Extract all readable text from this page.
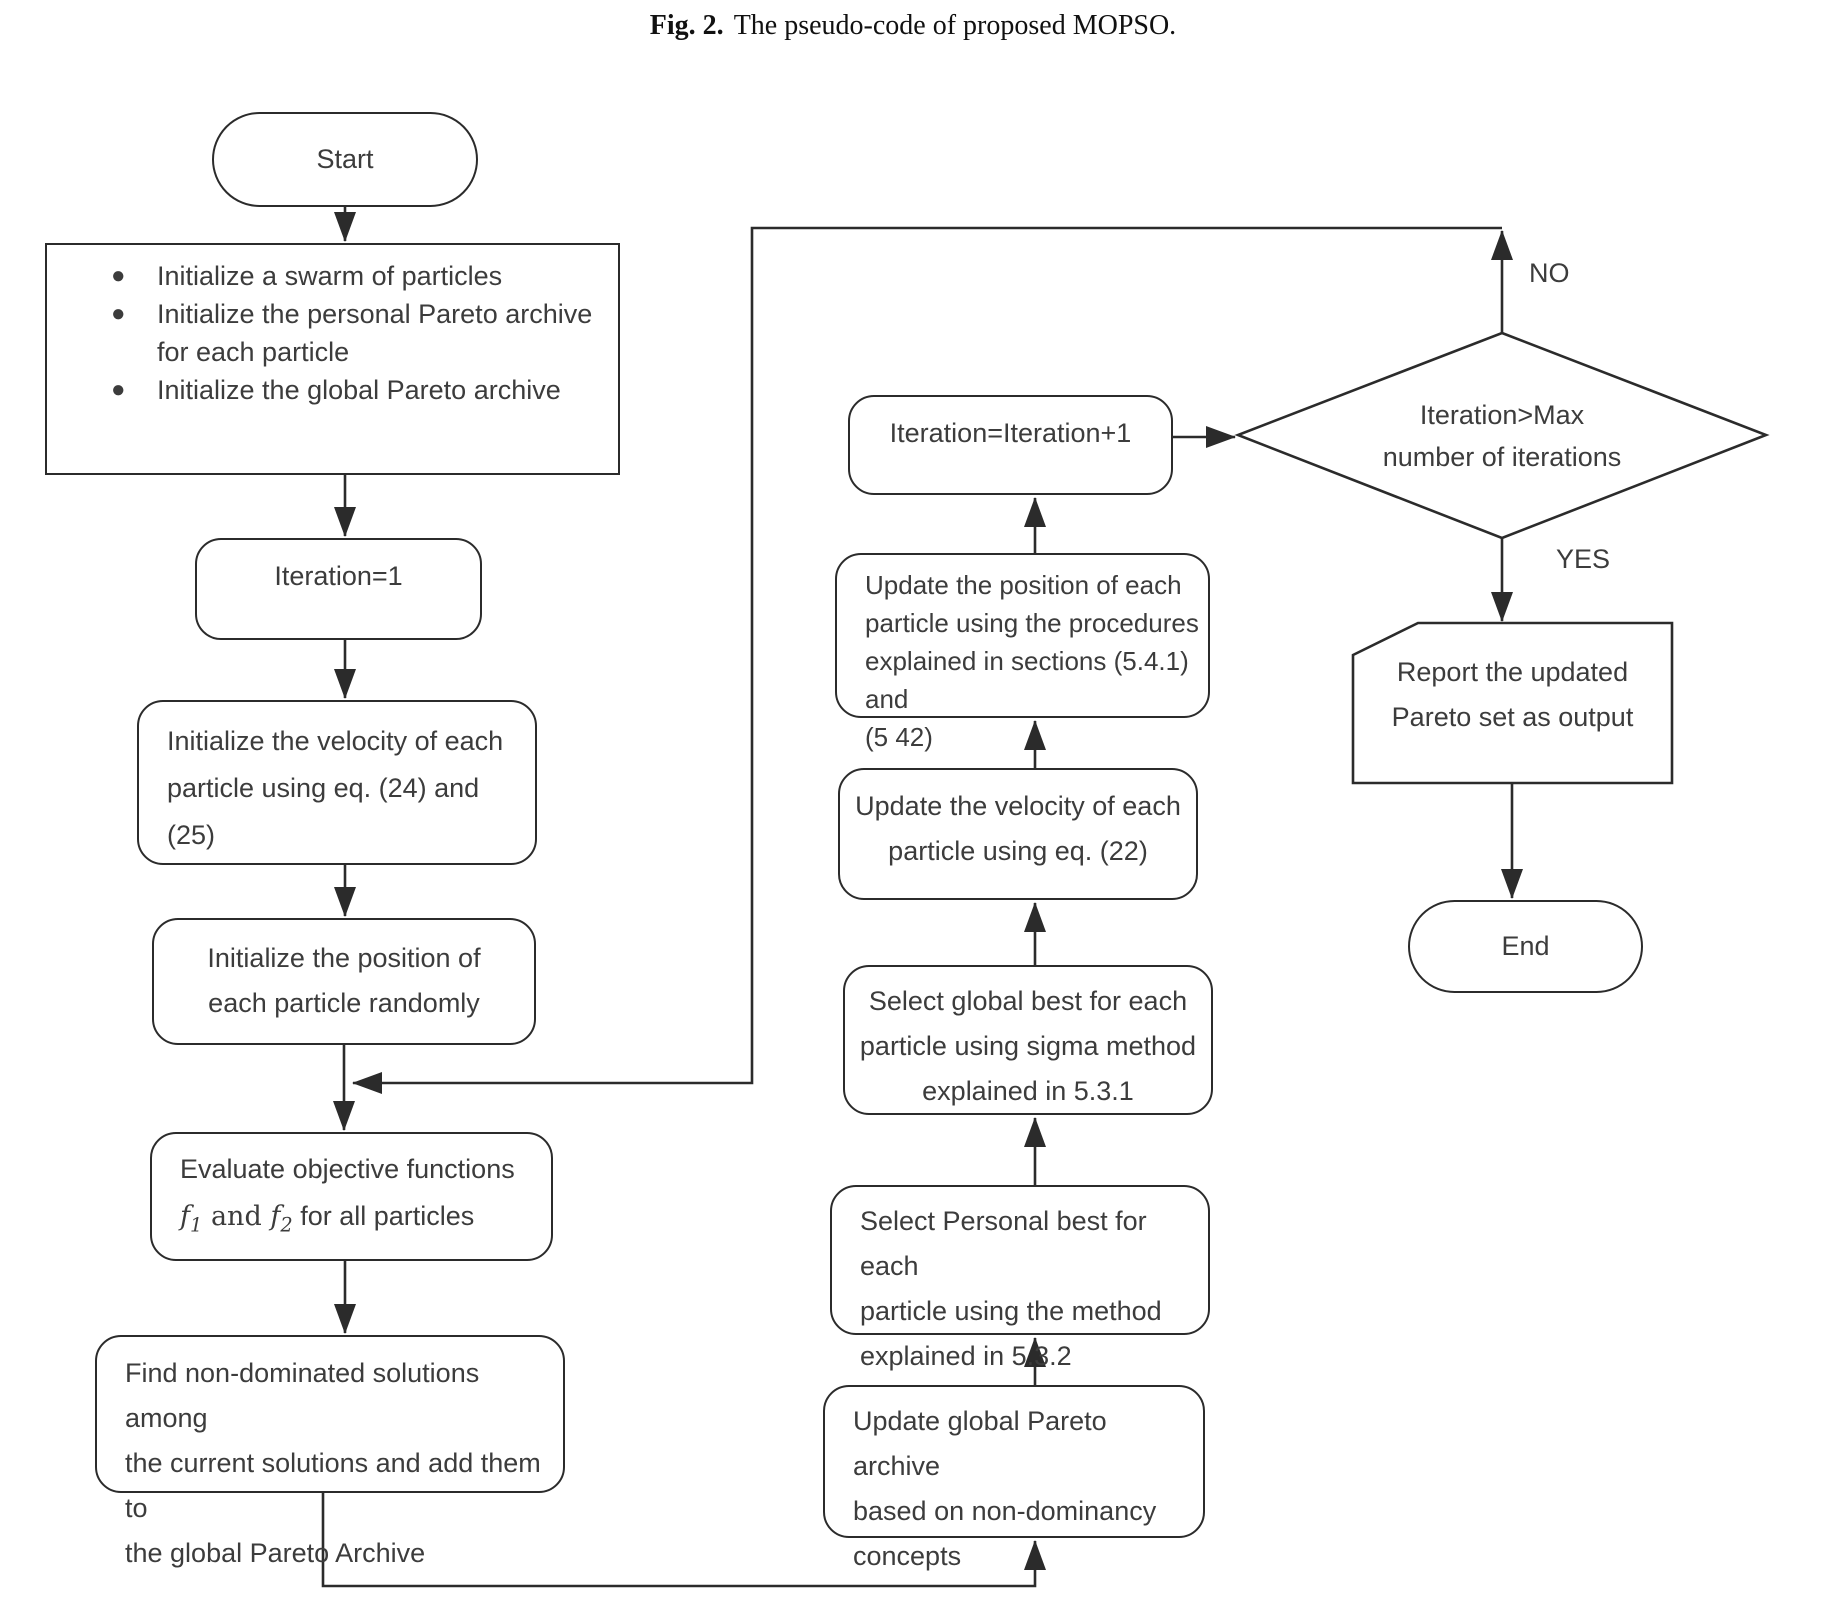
Fig. 2. The pseudo-code of proposed MOPSO.
Start
●	Initialize a swarm of particles
●	Initialize the personal Pareto archive for each particle
●	Initialize the global Pareto archive
Iteration=1
Initialize the velocity of each
particle using eq. (24) and
(25)
Initialize the position of
each particle randomly
Evaluate objective functions
$f_1$ and $f_2$ for all particles
Find non-dominated solutions among
the current solutions and add them to
the global Pareto Archive
Update global Pareto archive
based on non-dominancy
concepts
Select Personal best for each
particle using the method
explained in 5.3.2
Select global best for each
particle using sigma method
explained in 5.3.1
Update the velocity of each
particle using eq. (22)
Update the position of each
particle using the procedures
explained in sections (5.4.1) and
(5 42)
Iteration=Iteration+1
Iteration>Max
number of iterations
NO
YES
Report the updated
Pareto set as output
End
